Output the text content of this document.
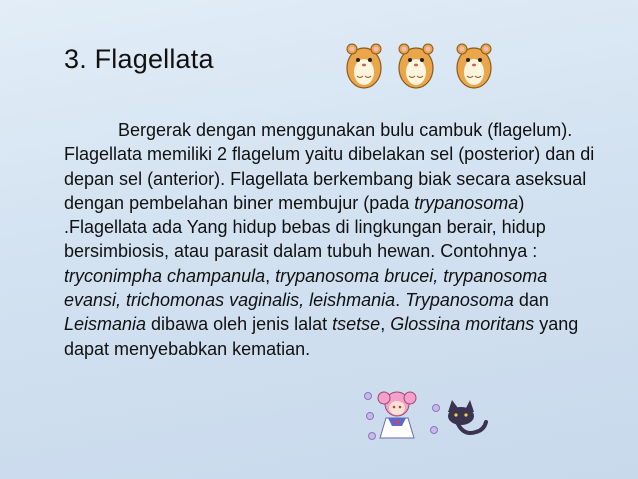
3. Flagellata
Bergerak dengan menggunakan bulu cambuk (flagelum). Flagellata memiliki 2 flagelum yaitu dibelakan sel (posterior) dan di depan sel (anterior). Flagellata berkembang biak secara aseksual dengan pembelahan biner membujur (pada trypanosoma) .Flagellata ada Yang hidup bebas di lingkungan berair, hidup bersimbiosis, atau parasit dalam tubuh hewan. Contohnya : tryconimpha champanula, trypanosoma brucei, trypanosoma evansi, trichomonas vaginalis, leishmania. Trypanosoma dan Leismania dibawa oleh jenis lalat tsetse, Glossina moritans yang dapat menyebabkan kematian.
